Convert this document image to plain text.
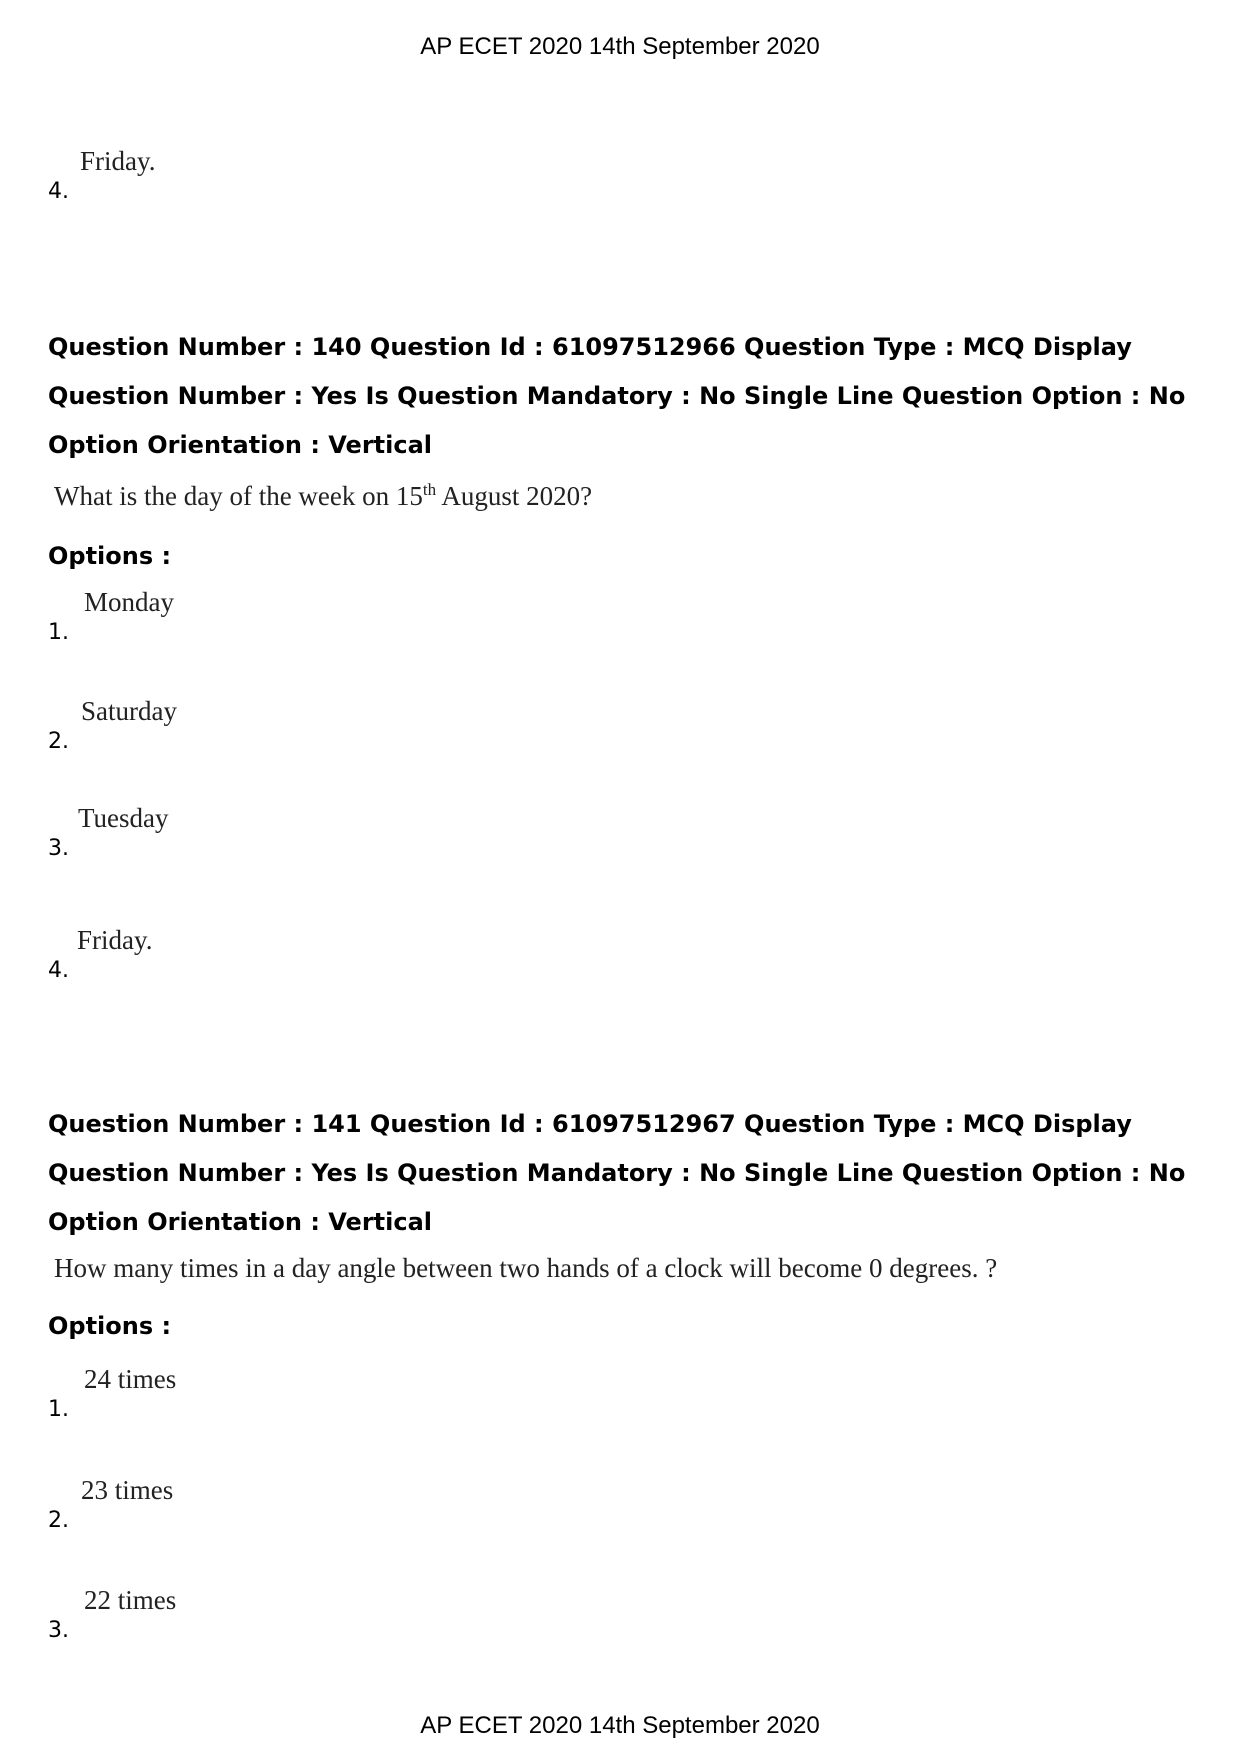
AP ECET 2020 14th September 2020
4.
Friday.
Question Number : 140 Question Id : 61097512966 Question Type : MCQ Display Question Number : Yes Is Question Mandatory : No Single Line Question Option : No Option Orientation : Vertical
What is the day of the week on 15th August 2020?
Options :
1.
Monday
2.
Saturday
3.
Tuesday
4.
Friday.
Question Number : 141 Question Id : 61097512967 Question Type : MCQ Display Question Number : Yes Is Question Mandatory : No Single Line Question Option : No Option Orientation : Vertical
How many times in a day angle between two hands of a clock will become 0 degrees. ?
Options :
1.
24 times
2.
23 times
3.
22 times
AP ECET 2020 14th September 2020
